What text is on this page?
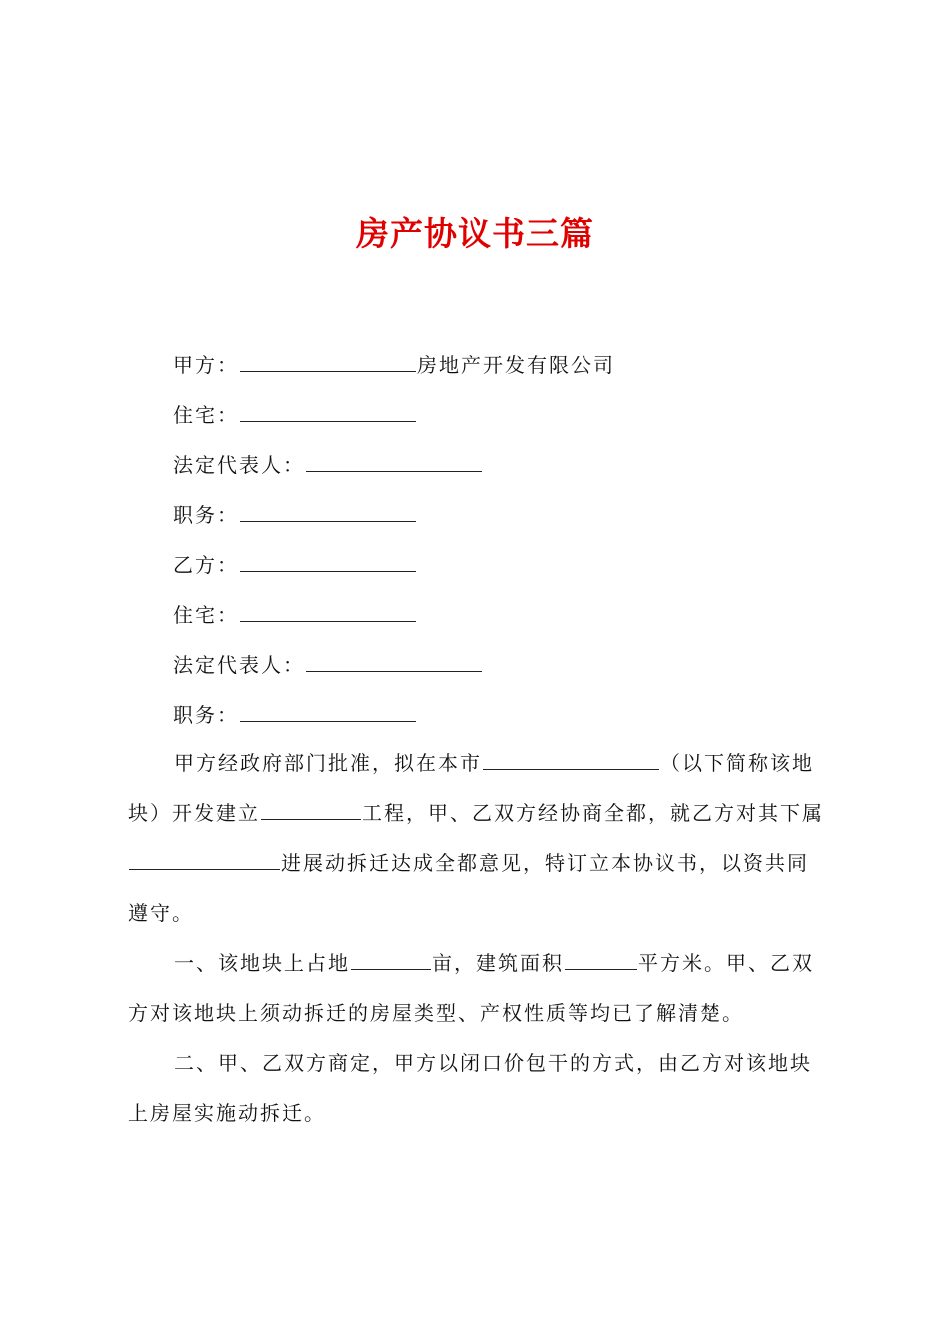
房产协议书三篇
甲方：	房地产开发有限公司
住宅：
法定代表人：
职务：
乙方：
住宅：
法定代表人：
职务：
甲方经政府部门批准，拟在本市	（以下简称该地
块）开发建立	工程，甲、乙双方经协商全都，就乙方对其下属
进展动拆迁达成全都意见，特订立本协议书，以资共同
遵守。
一、该地块上占地	亩，建筑面积	平方米。甲、乙双
方对该地块上须动拆迁的房屋类型、产权性质等均已了解清楚。
二、甲、乙双方商定，甲方以闭口价包干的方式，由乙方对该地块
上房屋实施动拆迁。
